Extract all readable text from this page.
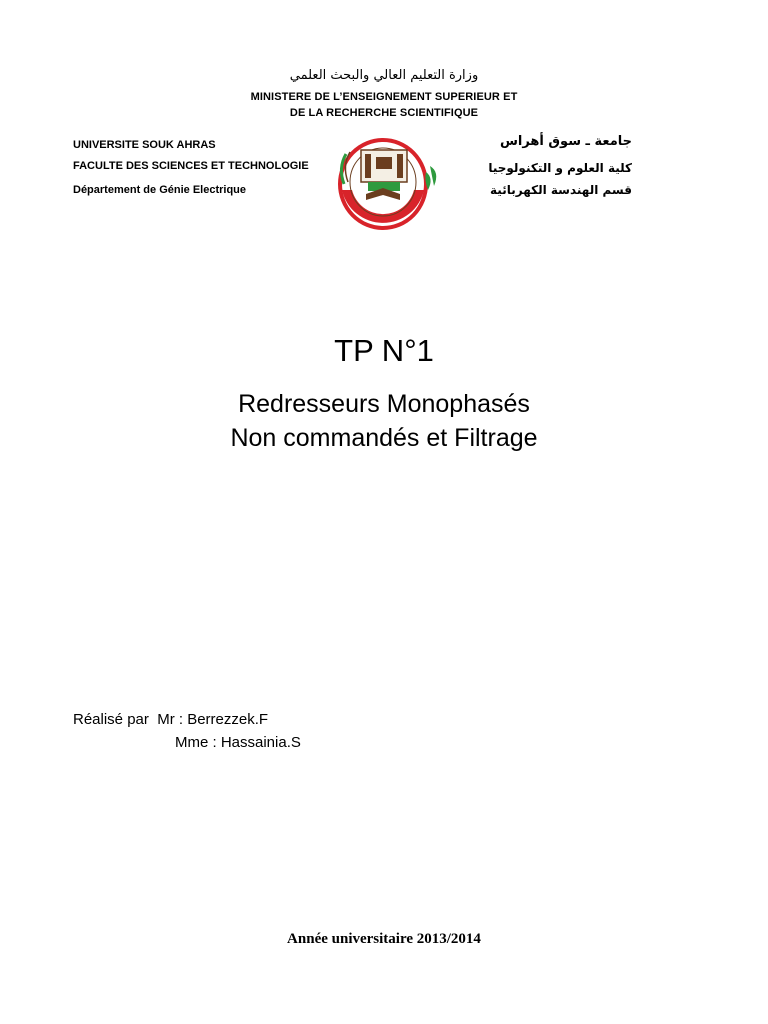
وزارة التعليم العالي والبحث العلمي
MINISTERE DE L’ENSEIGNEMENT SUPERIEUR ET
DE LA RECHERCHE SCIENTIFIQUE
UNIVERSITE SOUK AHRAS
FACULTE DES SCIENCES ET TECHNOLOGIE
Département de Génie Electrique
جامعة ـ سوق أهراس
كلية العلوم و التكنولوجيا
قسم الهندسة الكهربائية
TP N°1
Redresseurs Monophasés
Non commandés et Filtrage
Réalisé par Mr : Berrezzek.F
Mme : Hassainia.S
Année universitaire 2013/2014
